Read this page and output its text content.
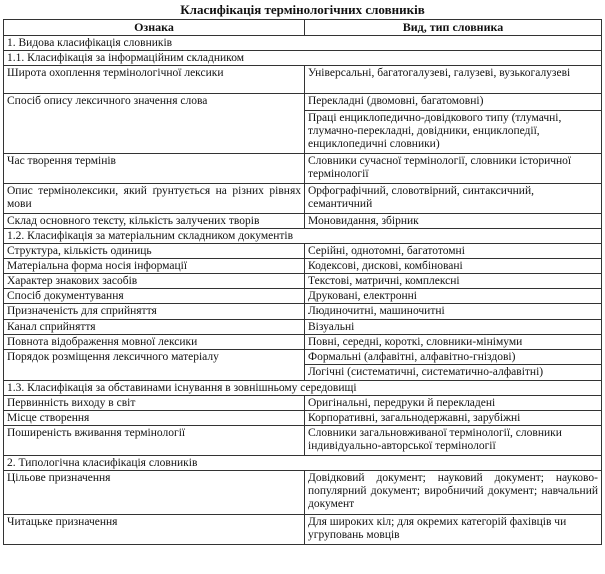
Класифікація термінологічних словників
Ознака	Вид, тип словника
1. Видова класифікація словників	
1.1. Класифікація за інформаційним складником	
Широта охоплення термінологічної лексики	Універсальні, багатогалузеві, галузеві, вузькогалузеві
Спосіб опису лексичного значення слова	Перекладні (двомовні, багатомовні)
	Праці енциклопедично-довідкового типу (тлумачні, тлумачно-перекладні, довідники, енциклопедії, енциклопедичні словники)
Час творення термінів	Словники сучасної термінології, словники історичної термінології
Опис термінолексики, який ґрунтується на різних рівнях мови	Орфографічний, словотвірний, синтаксичний, семантичний
Склад основного тексту, кількість залучених творів	Моновидання, збірник
1.2. Класифікація за матеріальним складником документів	
Структура, кількість одиниць	Серійні, однотомні, багатотомні
Матеріальна форма носія інформації	Кодексові, дискові, комбіновані
Характер знакових засобів	Текстові, матричні, комплексні
Спосіб документування	Друковані, електронні
Призначеність для сприйняття	Людиночитні, машиночитні
Канал сприйняття	Візуальні
Повнота відображення мовної лексики	Повні, середні, короткі, словники-мінімуми
Порядок розміщення лексичного матеріалу	Формальні (алфавітні, алфавітно-гніздові)
	Логічні (систематичні, систематично-алфавітні)
1.3. Класифікація за обставинами існування в зовнішньому середовищі	
Первинність виходу в світ	Оригінальні, передруки й перекладені
Місце створення	Корпоративні, загальнодержавні, зарубіжні
Поширеність вживання термінології	Словники загальновживаної термінології, словники індивідуально-авторської термінології
2. Типологічна класифікація словників	
Цільове призначення	Довідковий документ; науковий документ; науково-популярний документ; виробничий документ; навчальний документ
Читацьке призначення	Для широких кіл; для окремих категорій фахівців чи угруповань мовців
